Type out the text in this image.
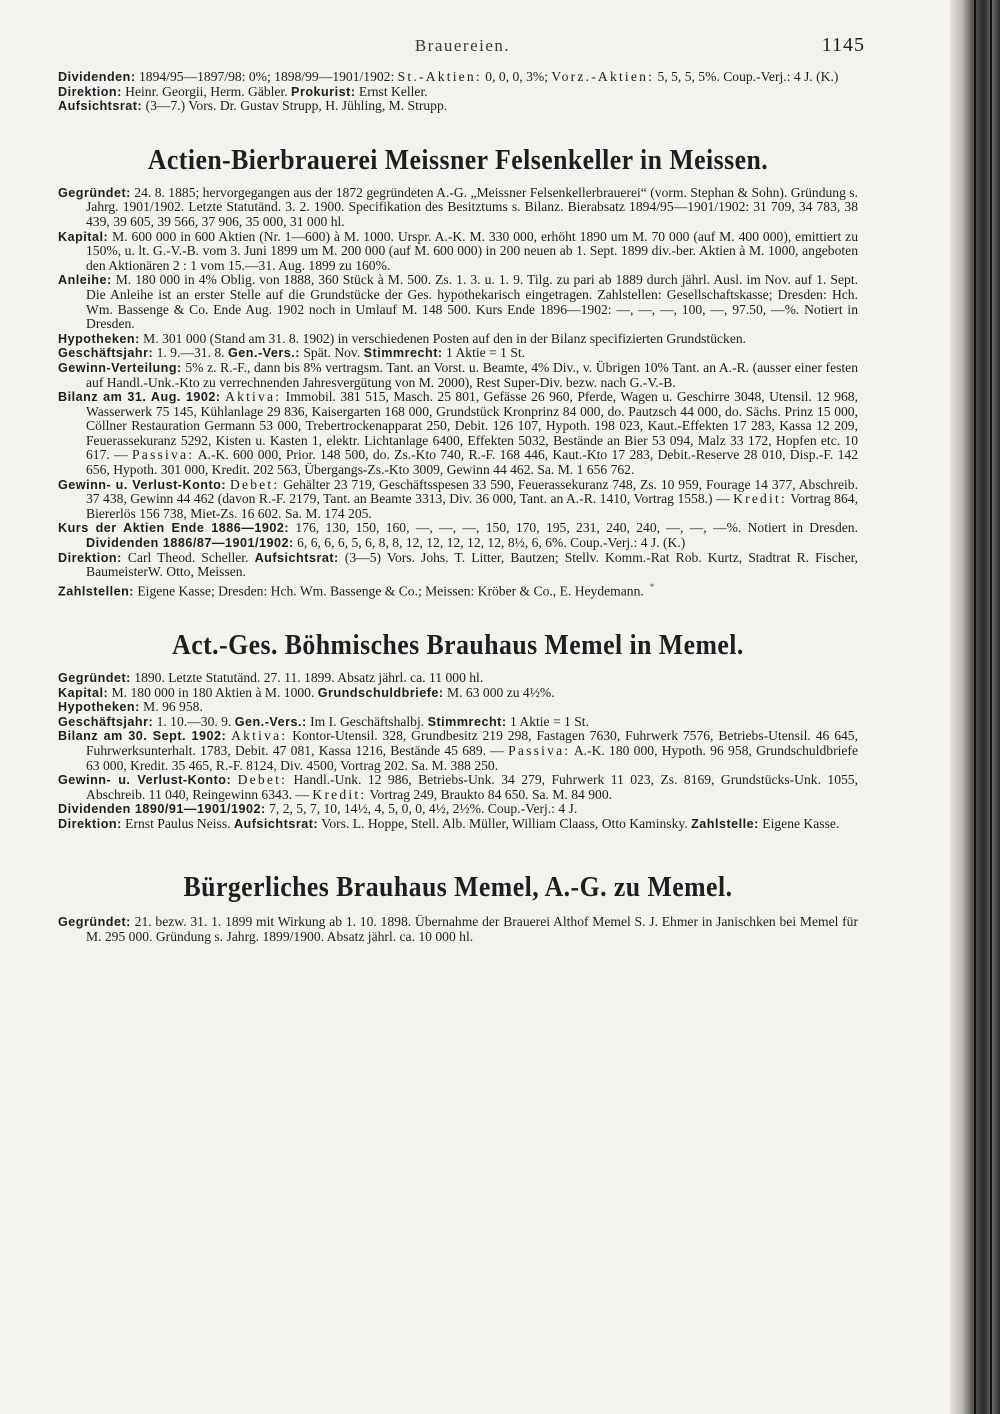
Brauereien.	1145

Dividenden: 1894/95—1897/98: 0%; 1898/99—1901/1902: St.-Aktien: 0, 0, 0, 3%; Vorz.-Aktien: 5, 5, 5, 5%. Coup.-Verj.: 4 J. (K.)

Direktion: Heinr. Georgii, Herm. Gäbler. Prokurist: Ernst Keller.

Aufsichtsrat: (3—7.) Vors. Dr. Gustav Strupp, H. Jühling, M. Strupp.

Actien-Bierbrauerei Meissner Felsenkeller in Meissen.

Gegründet: 24. 8. 1885; hervorgegangen aus der 1872 gegründeten A.-G. „Meissner Felsenkellerbrauerei“ (vorm. Stephan & Sohn). Gründung s. Jahrg. 1901/1902. Letzte Statutänd. 3. 2. 1900. Specifikation des Besitztums s. Bilanz. Bierabsatz 1894/95—1901/1902: 31 709, 34 783, 38 439, 39 605, 39 566, 37 906, 35 000, 31 000 hl.

Kapital: M. 600 000 in 600 Aktien (Nr. 1—600) à M. 1000. Urspr. A.-K. M. 330 000, erhöht 1890 um M. 70 000 (auf M. 400 000), emittiert zu 150%, u. lt. G.-V.-B. vom 3. Juni 1899 um M. 200 000 (auf M. 600 000) in 200 neuen ab 1. Sept. 1899 div.-ber. Aktien à M. 1000, angeboten den Aktionären 2 : 1 vom 15.—31. Aug. 1899 zu 160%.

Anleihe: M. 180 000 in 4% Oblig. von 1888, 360 Stück à M. 500. Zs. 1. 3. u. 1. 9. Tilg. zu pari ab 1889 durch jährl. Ausl. im Nov. auf 1. Sept. Die Anleihe ist an erster Stelle auf die Grundstücke der Ges. hypothekarisch eingetragen. Zahlstellen: Gesellschaftskasse; Dresden: Hch. Wm. Bassenge & Co. Ende Aug. 1902 noch in Umlauf M. 148 500. Kurs Ende 1896—1902: —, —, —, 100, —, 97.50, —%. Notiert in Dresden.

Hypotheken: M. 301 000 (Stand am 31. 8. 1902) in verschiedenen Posten auf den in der Bilanz specifizierten Grundstücken.

Geschäftsjahr: 1. 9.—31. 8. Gen.-Vers.: Spät. Nov. Stimmrecht: 1 Aktie = 1 St.

Gewinn-Verteilung: 5% z. R.-F., dann bis 8% vertragsm. Tant. an Vorst. u. Beamte, 4% Div., v. Übrigen 10% Tant. an A.-R. (ausser einer festen auf Handl.-Unk.-Kto zu verrechnenden Jahresvergütung von M. 2000), Rest Super-Div. bezw. nach G.-V.-B.

Bilanz am 31. Aug. 1902: Aktiva: Immobil. 381 515, Masch. 25 801, Gefässe 26 960, Pferde, Wagen u. Geschirre 3048, Utensil. 12 968, Wasserwerk 75 145, Kühlanlage 29 836, Kaisergarten 168 000, Grundstück Kronprinz 84 000, do. Pautzsch 44 000, do. Sächs. Prinz 15 000, Cöllner Restauration Germann 53 000, Trebertrockenapparat 250, Debit. 126 107, Hypoth. 198 023, Kaut.-Effekten 17 283, Kassa 12 209, Feuerassekuranz 5292, Kisten u. Kasten 1, elektr. Lichtanlage 6400, Effekten 5032, Bestände an Bier 53 094, Malz 33 172, Hopfen etc. 10 617. — Passiva: A.-K. 600 000, Prior. 148 500, do. Zs.-Kto 740, R.-F. 168 446, Kaut.-Kto 17 283, Debit.-Reserve 28 010, Disp.-F. 142 656, Hypoth. 301 000, Kredit. 202 563, Übergangs-Zs.-Kto 3009, Gewinn 44 462. Sa. M. 1 656 762.

Gewinn- u. Verlust-Konto: Debet: Gehälter 23 719, Geschäftsspesen 33 590, Feuerassekuranz 748, Zs. 10 959, Fourage 14 377, Abschreib. 37 438, Gewinn 44 462 (davon R.-F. 2179, Tant. an Beamte 3313, Div. 36 000, Tant. an A.-R. 1410, Vortrag 1558.) — Kredit: Vortrag 864, Biererlös 156 738, Miet-Zs. 16 602. Sa. M. 174 205.

Kurs der Aktien Ende 1886—1902: 176, 130, 150, 160, —, —, —, 150, 170, 195, 231, 240, 240, —, —, —%. Notiert in Dresden. Dividenden 1886/87—1901/1902: 6, 6, 6, 6, 5, 6, 8, 8, 12, 12, 12, 12, 12, 8½, 6, 6%. Coup.-Verj.: 4 J. (K.)

Direktion: Carl Theod. Scheller. Aufsichtsrat: (3—5) Vors. Johs. T. Litter, Bautzen; Stellv. Komm.-Rat Rob. Kurtz, Stadtrat R. Fischer, BaumeisterW. Otto, Meissen.

Zahlstellen: Eigene Kasse; Dresden: Hch. Wm. Bassenge & Co.; Meissen: Kröber & Co., E. Heydemann. *

Act.-Ges. Böhmisches Brauhaus Memel in Memel.

Gegründet: 1890. Letzte Statutänd. 27. 11. 1899. Absatz jährl. ca. 11 000 hl.

Kapital: M. 180 000 in 180 Aktien à M. 1000. Grundschuldbriefe: M. 63 000 zu 4½%.

Hypotheken: M. 96 958.

Geschäftsjahr: 1. 10.—30. 9. Gen.-Vers.: Im I. Geschäftshalbj. Stimmrecht: 1 Aktie = 1 St.

Bilanz am 30. Sept. 1902: Aktiva: Kontor-Utensil. 328, Grundbesitz 219 298, Fastagen 7630, Fuhrwerk 7576, Betriebs-Utensil. 46 645, Fuhrwerksunterhalt. 1783, Debit. 47 081, Kassa 1216, Bestände 45 689. — Passiva: A.-K. 180 000, Hypoth. 96 958, Grundschuldbriefe 63 000, Kredit. 35 465, R.-F. 8124, Div. 4500, Vortrag 202. Sa. M. 388 250.

Gewinn- u. Verlust-Konto: Debet: Handl.-Unk. 12 986, Betriebs-Unk. 34 279, Fuhrwerk 11 023, Zs. 8169, Grundstücks-Unk. 1055, Abschreib. 11 040, Reingewinn 6343. — Kredit: Vortrag 249, Braukto 84 650. Sa. M. 84 900.

Dividenden 1890/91—1901/1902: 7, 2, 5, 7, 10, 14½, 4, 5, 0, 0, 4½, 2½%. Coup.-Verj.: 4 J.

Direktion: Ernst Paulus Neiss. Aufsichtsrat: Vors. L. Hoppe, Stell. Alb. Müller, William Claass, Otto Kaminsky. Zahlstelle: Eigene Kasse.

Bürgerliches Brauhaus Memel, A.-G. zu Memel.

Gegründet: 21. bezw. 31. 1. 1899 mit Wirkung ab 1. 10. 1898. Übernahme der Brauerei Althof Memel S. J. Ehmer in Janischken bei Memel für M. 295 000. Gründung s. Jahrg. 1899/1900. Absatz jährl. ca. 10 000 hl.
